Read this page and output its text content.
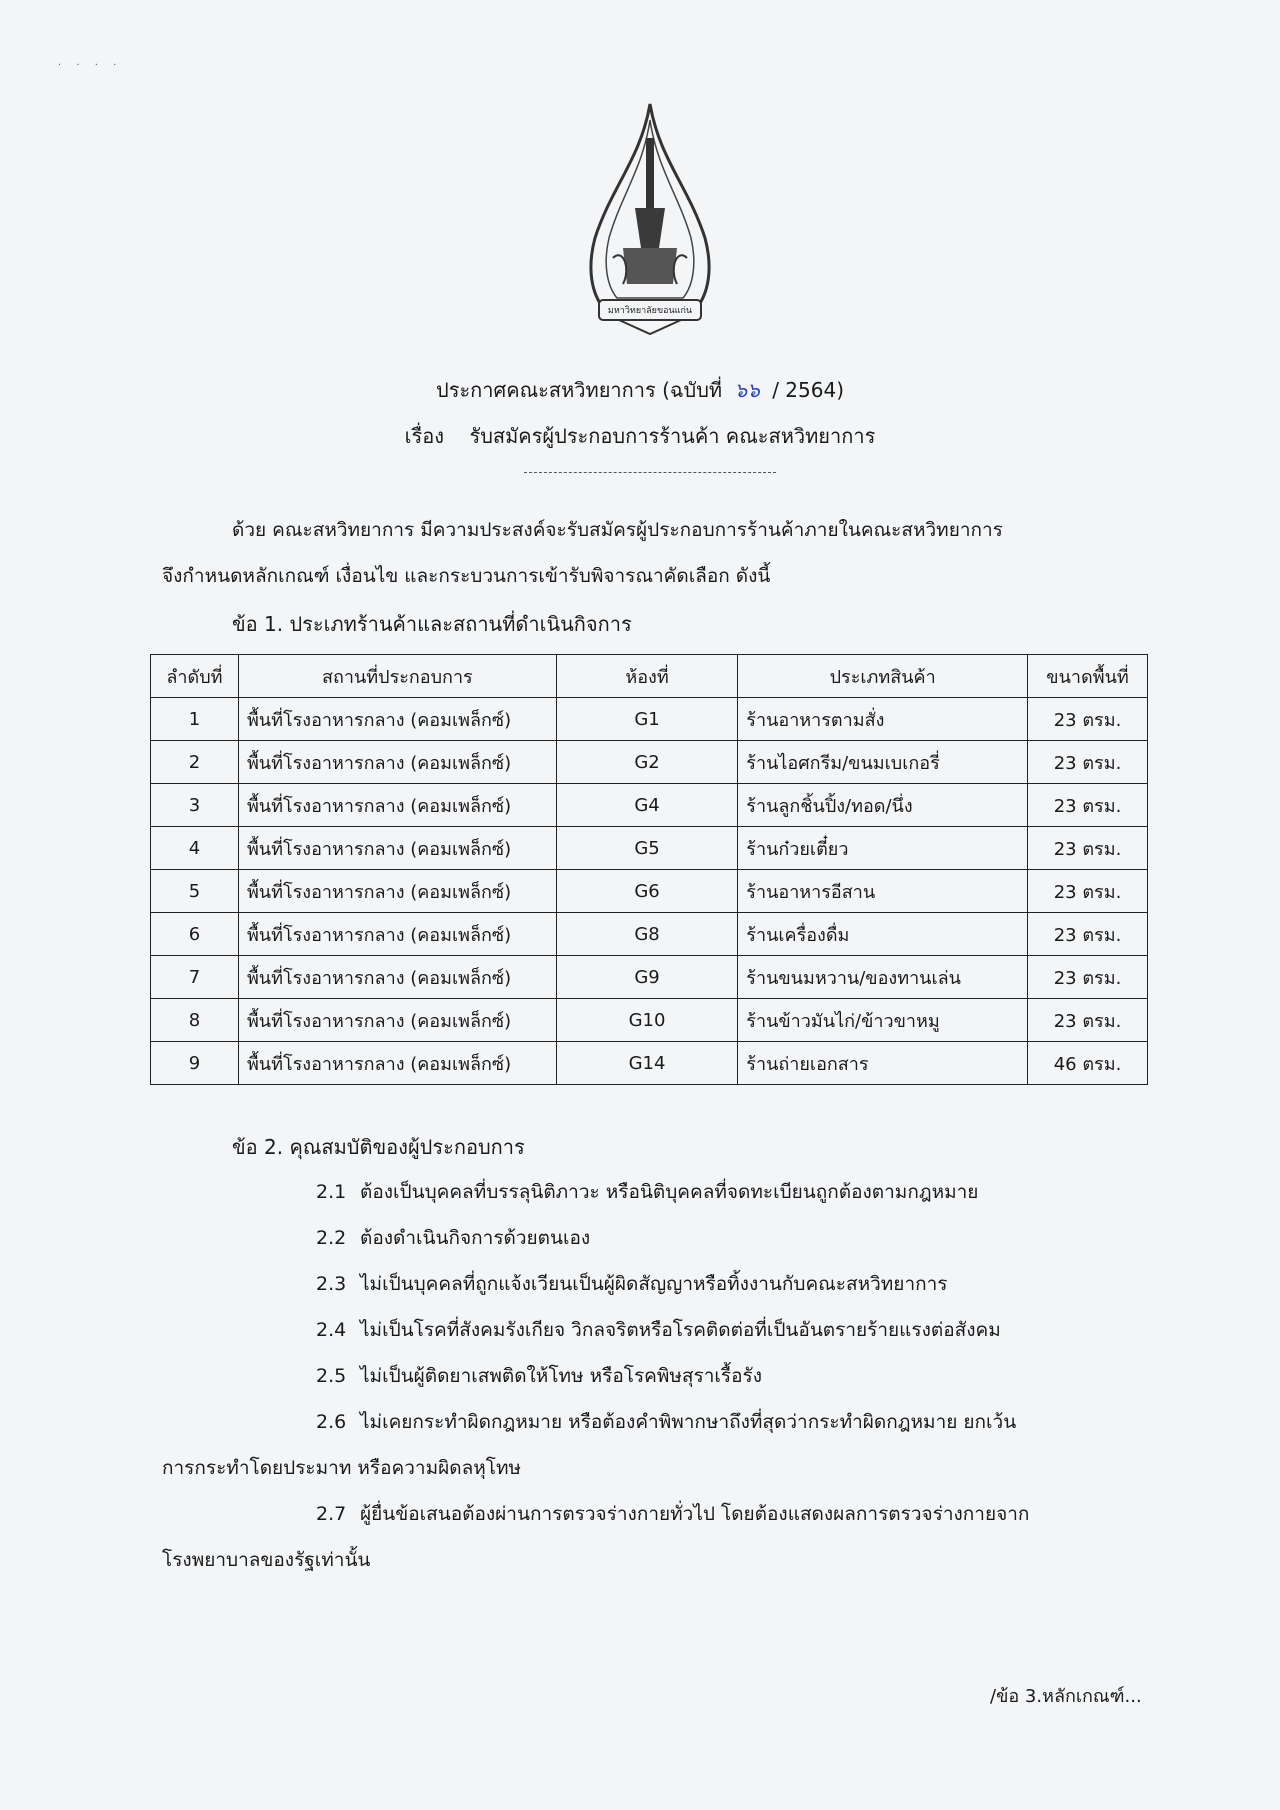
· · · ·
มหาวิทยาลัยขอนแก่น
ประกาศคณะสหวิทยาการ (ฉบับที่ ๖๖ / 2564)
เรื่อง รับสมัครผู้ประกอบการร้านค้า คณะสหวิทยาการ
ด้วย คณะสหวิทยาการ มีความประสงค์จะรับสมัครผู้ประกอบการร้านค้าภายในคณะสหวิทยาการ
จึงกำหนดหลักเกณฑ์ เงื่อนไข และกระบวนการเข้ารับพิจารณาคัดเลือก ดังนี้
ข้อ 1. ประเภทร้านค้าและสถานที่ดำเนินกิจการ
ลำดับที่	สถานที่ประกอบการ	ห้องที่	ประเภทสินค้า	ขนาดพื้นที่
1	พื้นที่โรงอาหารกลาง (คอมเพล็กซ์)	G1	ร้านอาหารตามสั่ง	23 ตรม.
2	พื้นที่โรงอาหารกลาง (คอมเพล็กซ์)	G2	ร้านไอศกรีม/ขนมเบเกอรี่	23 ตรม.
3	พื้นที่โรงอาหารกลาง (คอมเพล็กซ์)	G4	ร้านลูกชิ้นปิ้ง/ทอด/นึ่ง	23 ตรม.
4	พื้นที่โรงอาหารกลาง (คอมเพล็กซ์)	G5	ร้านก๋วยเตี๋ยว	23 ตรม.
5	พื้นที่โรงอาหารกลาง (คอมเพล็กซ์)	G6	ร้านอาหารอีสาน	23 ตรม.
6	พื้นที่โรงอาหารกลาง (คอมเพล็กซ์)	G8	ร้านเครื่องดื่ม	23 ตรม.
7	พื้นที่โรงอาหารกลาง (คอมเพล็กซ์)	G9	ร้านขนมหวาน/ของทานเล่น	23 ตรม.
8	พื้นที่โรงอาหารกลาง (คอมเพล็กซ์)	G10	ร้านข้าวมันไก่/ข้าวขาหมู	23 ตรม.
9	พื้นที่โรงอาหารกลาง (คอมเพล็กซ์)	G14	ร้านถ่ายเอกสาร	46 ตรม.
ข้อ 2. คุณสมบัติของผู้ประกอบการ
2.1 ต้องเป็นบุคคลที่บรรลุนิติภาวะ หรือนิติบุคคลที่จดทะเบียนถูกต้องตามกฎหมาย
2.2 ต้องดำเนินกิจการด้วยตนเอง
2.3 ไม่เป็นบุคคลที่ถูกแจ้งเวียนเป็นผู้ผิดสัญญาหรือทิ้งงานกับคณะสหวิทยาการ
2.4 ไม่เป็นโรคที่สังคมรังเกียจ วิกลจริตหรือโรคติดต่อที่เป็นอันตรายร้ายแรงต่อสังคม
2.5 ไม่เป็นผู้ติดยาเสพติดให้โทษ หรือโรคพิษสุราเรื้อรัง
2.6 ไม่เคยกระทำผิดกฎหมาย หรือต้องคำพิพากษาถึงที่สุดว่ากระทำผิดกฎหมาย ยกเว้น
การกระทำโดยประมาท หรือความผิดลหุโทษ
2.7 ผู้ยื่นข้อเสนอต้องผ่านการตรวจร่างกายทั่วไป โดยต้องแสดงผลการตรวจร่างกายจาก
โรงพยาบาลของรัฐเท่านั้น
/ข้อ 3.หลักเกณฑ์...
